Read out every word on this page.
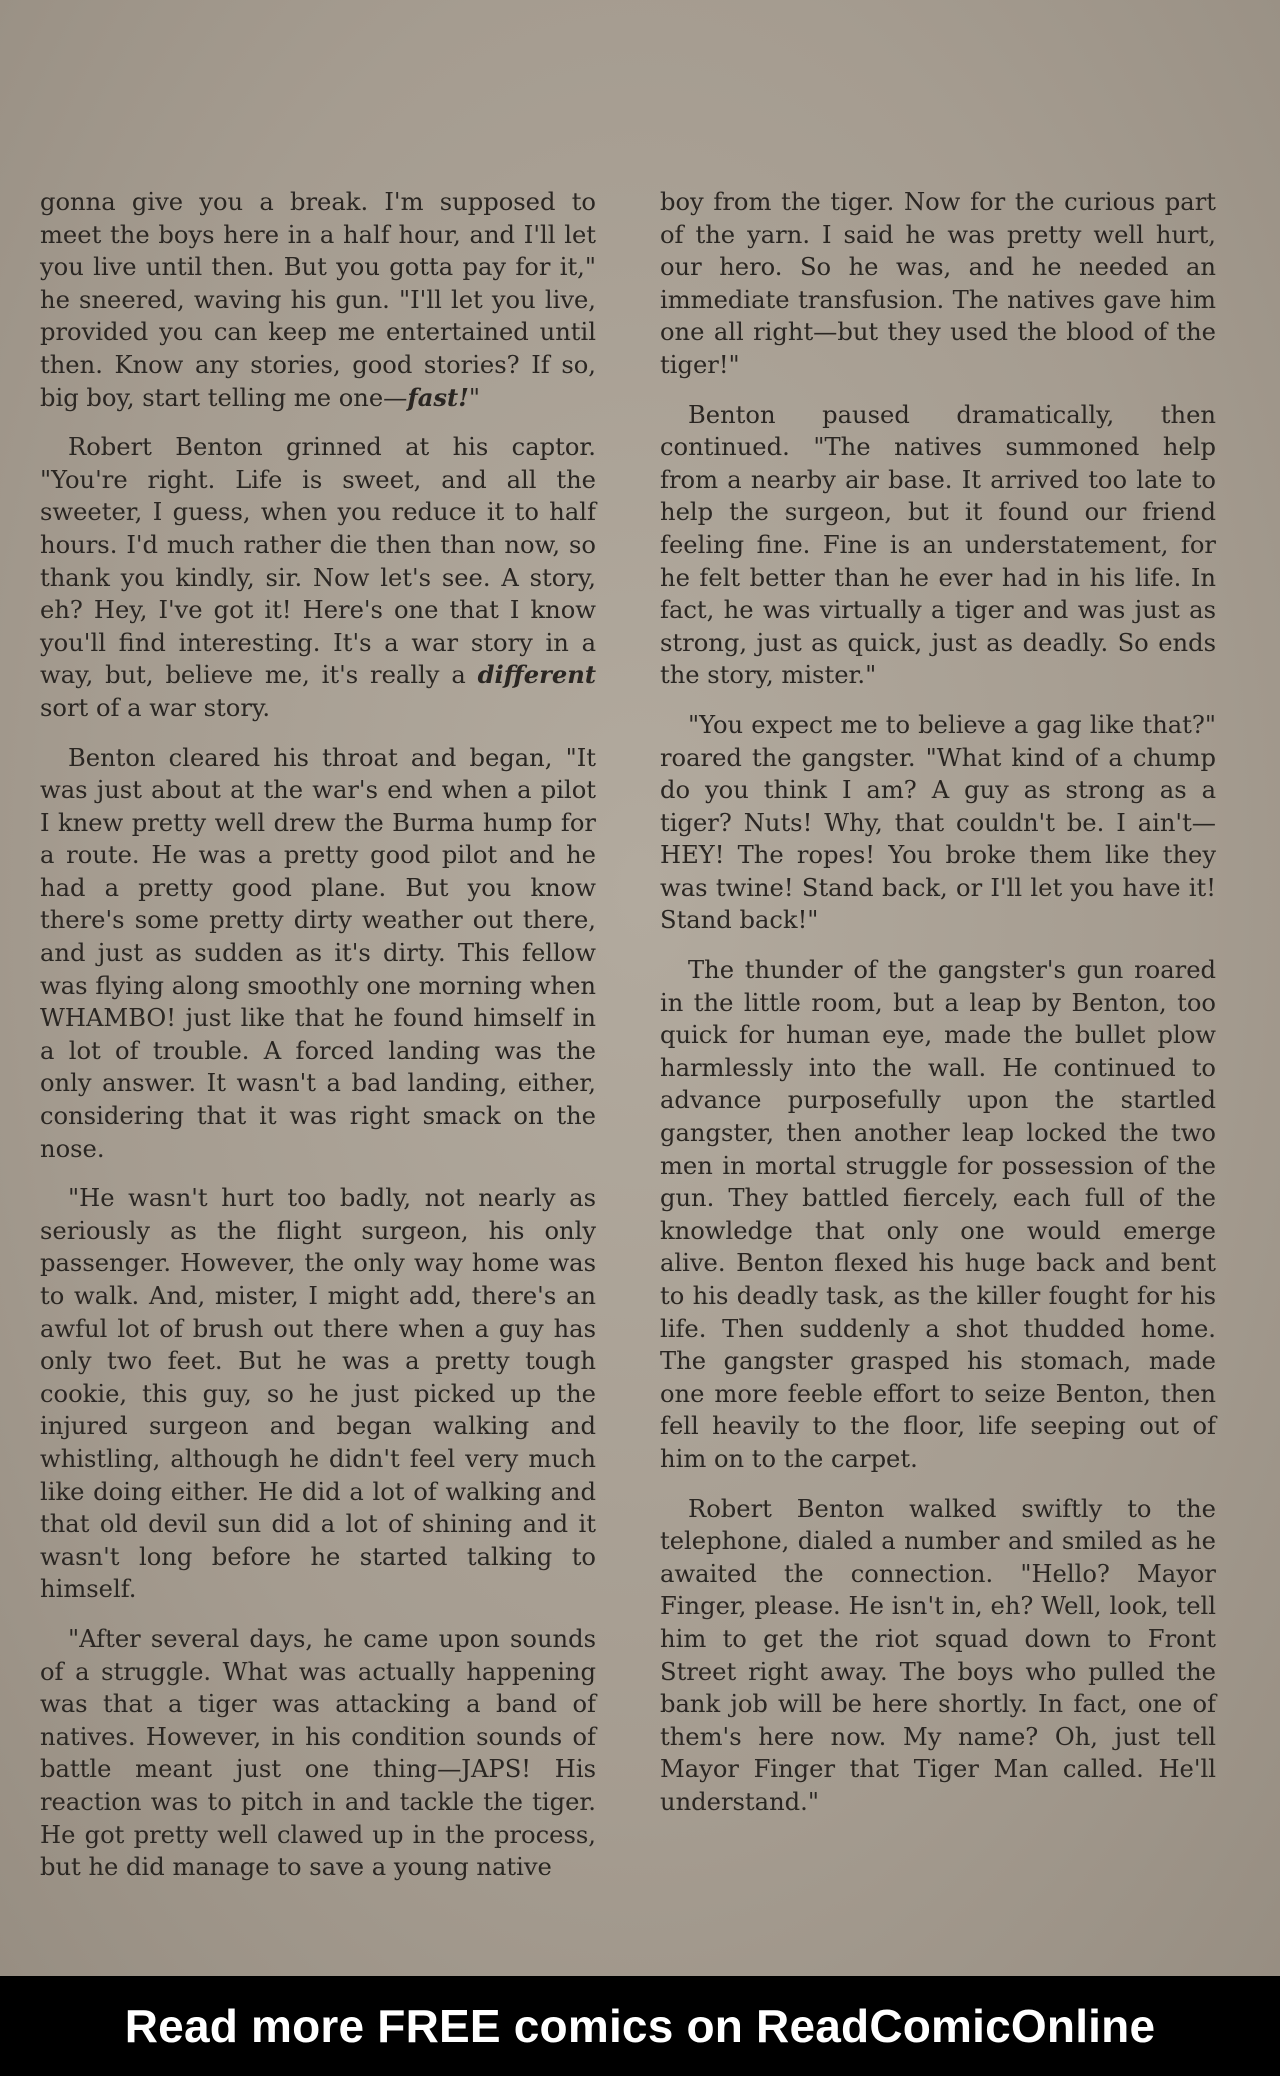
gonna give you a break. I'm supposed to meet the boys here in a half hour, and I'll let you live until then. But you gotta pay for it," he sneered, waving his gun. "I'll let you live, provided you can keep me entertained until then. Know any stories, good stories? If so, big boy, start telling me one—fast!"

Robert Benton grinned at his captor. "You're right. Life is sweet, and all the sweeter, I guess, when you reduce it to half hours. I'd much rather die then than now, so thank you kindly, sir. Now let's see. A story, eh? Hey, I've got it! Here's one that I know you'll find interesting. It's a war story in a way, but, believe me, it's really a different sort of a war story.

Benton cleared his throat and began, "It was just about at the war's end when a pilot I knew pretty well drew the Burma hump for a route. He was a pretty good pilot and he had a pretty good plane. But you know there's some pretty dirty weather out there, and just as sudden as it's dirty. This fellow was flying along smoothly one morning when WHAMBO! just like that he found himself in a lot of trouble. A forced landing was the only answer. It wasn't a bad landing, either, considering that it was right smack on the nose.

"He wasn't hurt too badly, not nearly as seriously as the flight surgeon, his only passenger. However, the only way home was to walk. And, mister, I might add, there's an awful lot of brush out there when a guy has only two feet. But he was a pretty tough cookie, this guy, so he just picked up the injured surgeon and began walking and whistling, although he didn't feel very much like doing either. He did a lot of walking and that old devil sun did a lot of shining and it wasn't long before he started talking to himself.

"After several days, he came upon sounds of a struggle. What was actually happening was that a tiger was attacking a band of natives. However, in his condition sounds of battle meant just one thing—JAPS! His reaction was to pitch in and tackle the tiger. He got pretty well clawed up in the process, but he did manage to save a young native

boy from the tiger. Now for the curious part of the yarn. I said he was pretty well hurt, our hero. So he was, and he needed an immediate transfusion. The natives gave him one all right—but they used the blood of the tiger!"

Benton paused dramatically, then continued. "The natives summoned help from a nearby air base. It arrived too late to help the surgeon, but it found our friend feeling fine. Fine is an understatement, for he felt better than he ever had in his life. In fact, he was virtually a tiger and was just as strong, just as quick, just as deadly. So ends the story, mister."

"You expect me to believe a gag like that?" roared the gangster. "What kind of a chump do you think I am? A guy as strong as a tiger? Nuts! Why, that couldn't be. I ain't—HEY! The ropes! You broke them like they was twine! Stand back, or I'll let you have it! Stand back!"

The thunder of the gangster's gun roared in the little room, but a leap by Benton, too quick for human eye, made the bullet plow harmlessly into the wall. He continued to advance purposefully upon the startled gangster, then another leap locked the two men in mortal struggle for possession of the gun. They battled fiercely, each full of the knowledge that only one would emerge alive. Benton flexed his huge back and bent to his deadly task, as the killer fought for his life. Then suddenly a shot thudded home. The gangster grasped his stomach, made one more feeble effort to seize Benton, then fell heavily to the floor, life seeping out of him on to the carpet.

Robert Benton walked swiftly to the telephone, dialed a number and smiled as he awaited the connection. "Hello? Mayor Finger, please. He isn't in, eh? Well, look, tell him to get the riot squad down to Front Street right away. The boys who pulled the bank job will be here shortly. In fact, one of them's here now. My name? Oh, just tell Mayor Finger that Tiger Man called. He'll understand."

Read more FREE comics on ReadComicOnline
